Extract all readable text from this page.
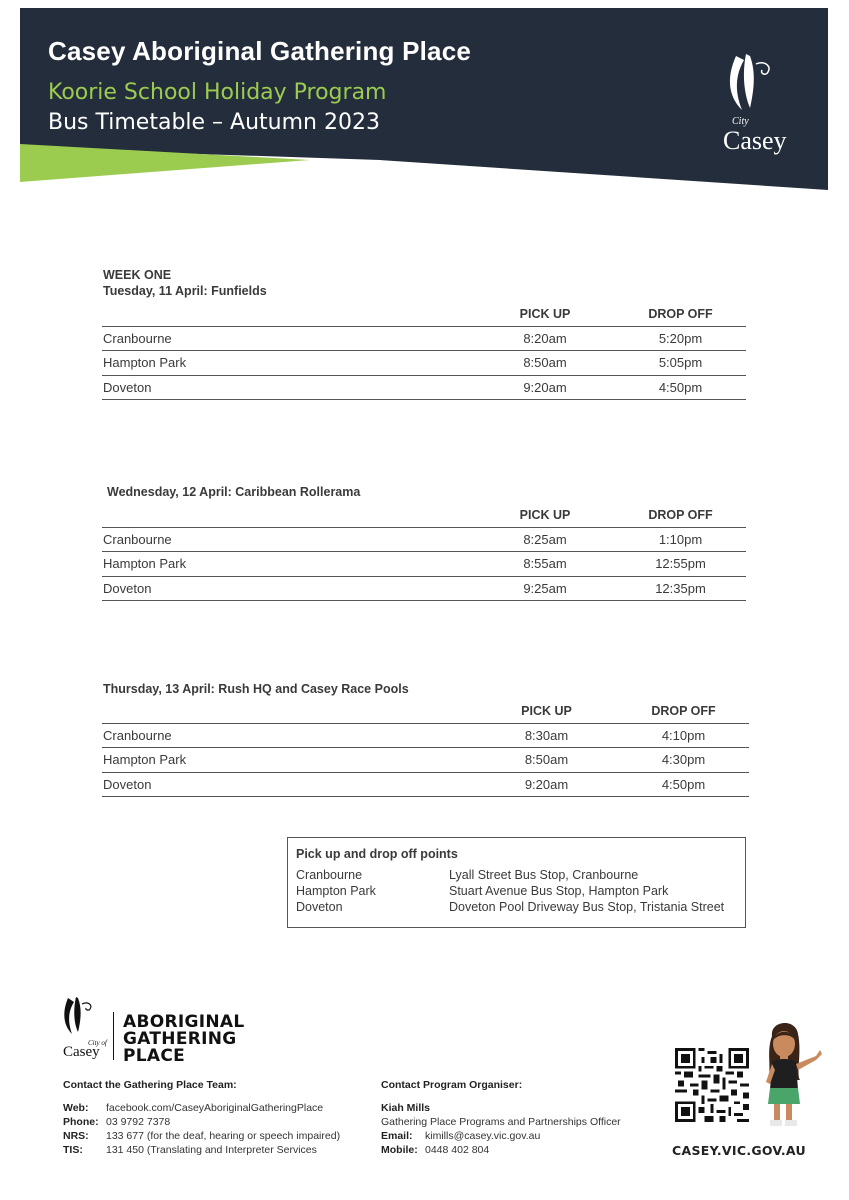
Casey Aboriginal Gathering Place
Koorie School Holiday Program
Bus Timetable – Autumn 2023	City
Casey
WEEK ONE
Tuesday, 11 April: Funfields
	PICK UP	DROP OFF
Cranbourne	8:20am	5:20pm
Hampton Park	8:50am	5:05pm
Doveton	9:20am	4:50pm
Wednesday, 12 April: Caribbean Rollerama
	PICK UP	DROP OFF
Cranbourne	8:25am	1:10pm
Hampton Park	8:55am	12:55pm
Doveton	9:25am	12:35pm
Thursday, 13 April: Rush HQ and Casey Race Pools
	PICK UP	DROP OFF
Cranbourne	8:30am	4:10pm
Hampton Park	8:50am	4:30pm
Doveton	9:20am	4:50pm
Pick up and drop off points
Cranbourne	Lyall Street Bus Stop, Cranbourne
Hampton Park	Stuart Avenue Bus Stop, Hampton Park
Doveton	Doveton Pool Driveway Bus Stop, Tristania Street
City of
Casey
ABORIGINAL
GATHERING
PLACE
Contact the Gathering Place Team:
Web: facebook.com/CaseyAboriginalGatheringPlace
Phone: 03 9792 7378
NRS: 133 677 (for the deaf, hearing or speech impaired)
TIS: 131 450 (Translating and Interpreter Services
Contact Program Organiser:
Kiah Mills
Gathering Place Programs and Partnerships Officer
Email: kimills@casey.vic.gov.au
Mobile: 0448 402 804	CASEY.VIC.GOV.AU
